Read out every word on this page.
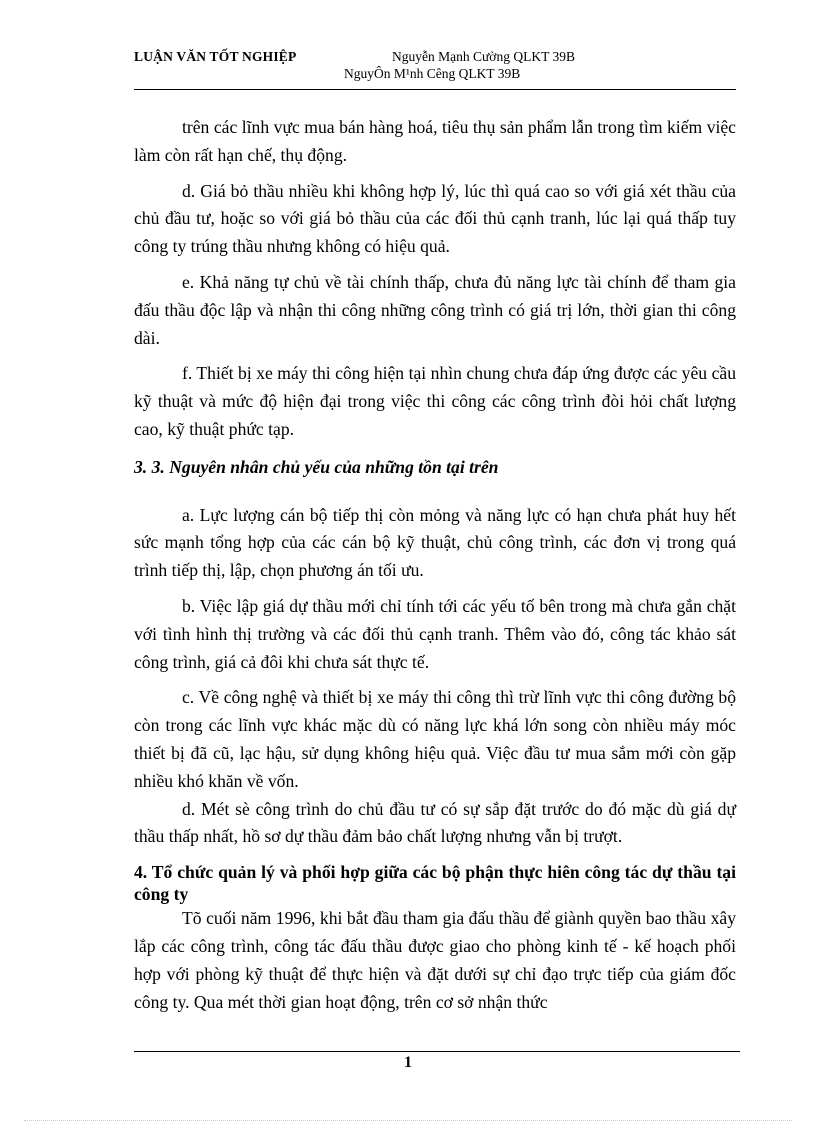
LUẬN VĂN TỐT NGHIỆP	Nguyễn Mạnh Cường QLKT 39B
NguyÔn M¹nh Cêng QLKT 39B

trên các lĩnh vực mua bán hàng hoá, tiêu thụ sản phẩm lẫn trong tìm kiếm việc làm còn rất hạn chế, thụ động.

d. Giá bỏ thầu nhiều khi không hợp lý, lúc thì quá cao so với giá xét thầu của chủ đầu tư, hoặc so với giá bỏ thầu của các đối thủ cạnh tranh, lúc lại quá thấp tuy công ty trúng thầu nhưng không có hiệu quả.

e. Khả năng tự chủ về tài chính thấp, chưa đủ năng lực tài chính để tham gia đấu thầu độc lập và nhận thi công những công trình có giá trị lớn, thời gian thi công dài.

f. Thiết bị xe máy thi công hiện tại nhìn chung chưa đáp ứng được các yêu cầu kỹ thuật và mức độ hiện đại trong việc thi công các công trình đòi hỏi chất lượng cao, kỹ thuật phức tạp.

3. 3. Nguyên nhân chủ yếu của những tồn tại trên

a. Lực lượng cán bộ tiếp thị còn mỏng và năng lực có hạn chưa phát huy hết sức mạnh tổng hợp của các cán bộ kỹ thuật, chủ công trình, các đơn vị trong quá trình tiếp thị, lập, chọn phương án tối ưu.

b. Việc lập giá dự thầu mới chỉ tính tới các yếu tố bên trong mà chưa gắn chặt với tình hình thị trường và các đối thủ cạnh tranh. Thêm vào đó, công tác khảo sát công trình, giá cả đôi khi chưa sát thực tế.

c. Về công nghệ và thiết bị xe máy thi công thì trừ lĩnh vực thi công đường bộ còn trong các lĩnh vực khác mặc dù có năng lực khá lớn song còn nhiều máy móc thiết bị đã cũ, lạc hậu, sử dụng không hiệu quả. Việc đầu tư mua sắm mới còn gặp nhiều khó khăn về vốn.

d. Mét sè công trình do chủ đầu tư có sự sắp đặt trước do đó mặc dù giá dự thầu thấp nhất, hồ sơ dự thầu đảm bảo chất lượng nhưng vẫn bị trượt.

4. Tổ chức quản lý và phối hợp giữa các bộ phận thực hiên công tác dự thầu tại công ty

Tõ cuối năm 1996, khi bắt đầu tham gia đấu thầu để giành quyền bao thầu xây lắp các công trình, công tác đấu thầu được giao cho phòng kinh tế - kế hoạch phối hợp với phòng kỹ thuật để thực hiện và đặt dưới sự chỉ đạo trực tiếp của giám đốc công ty. Qua mét thời gian hoạt động, trên cơ sở nhận thức

1
